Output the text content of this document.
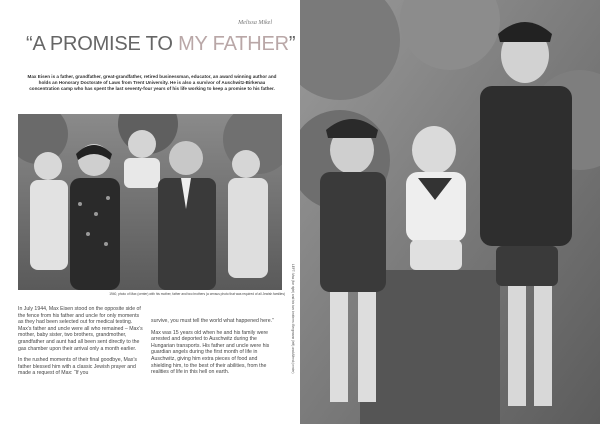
Melissa Mikel
“A PROMISE TO MY FATHER”
Max Eisen is a father, grandfather, great-grandfather, retired businessman, educator, an award winning author and holds an Honorary Doctorate of Laws from Trent University. He is also a survivor of Auschwitz-Birkenau concentration camp who has spent the last seventy-four years of his life working to keep a promise to his father.
1940, photo of Max (center) with his mother, father and two brothers (a census photo that was required of all Jewish families)

In July 1944, Max Eisen stood on the opposite side of the fence from his father and uncle for only moments as they had been selected out for medical testing. Max’s father and uncle were all who remained – Max’s mother, baby sister, two brothers, grandmother, grandfather and aunt had all been sent directly to the gas chamber upon their arrival only a month earlier.

In the rushed moments of their final goodbye, Max’s father blessed him with a classic Jewish prayer and made a request of Max: “If you

survive, you must tell the world what happened here.”

Max was 15 years old when he and his family were arrested and deported to Auschwitz during the Hungarian transports. His father and uncle were his guardian angels during the first month of life in Auschwitz, giving him extra pieces of food and shielding him, to the best of their abilities, from the realities of life in this hell on earth.	LEFT: Max (far right) and his two brothers: Bergmann (left) and Alfred (center)
